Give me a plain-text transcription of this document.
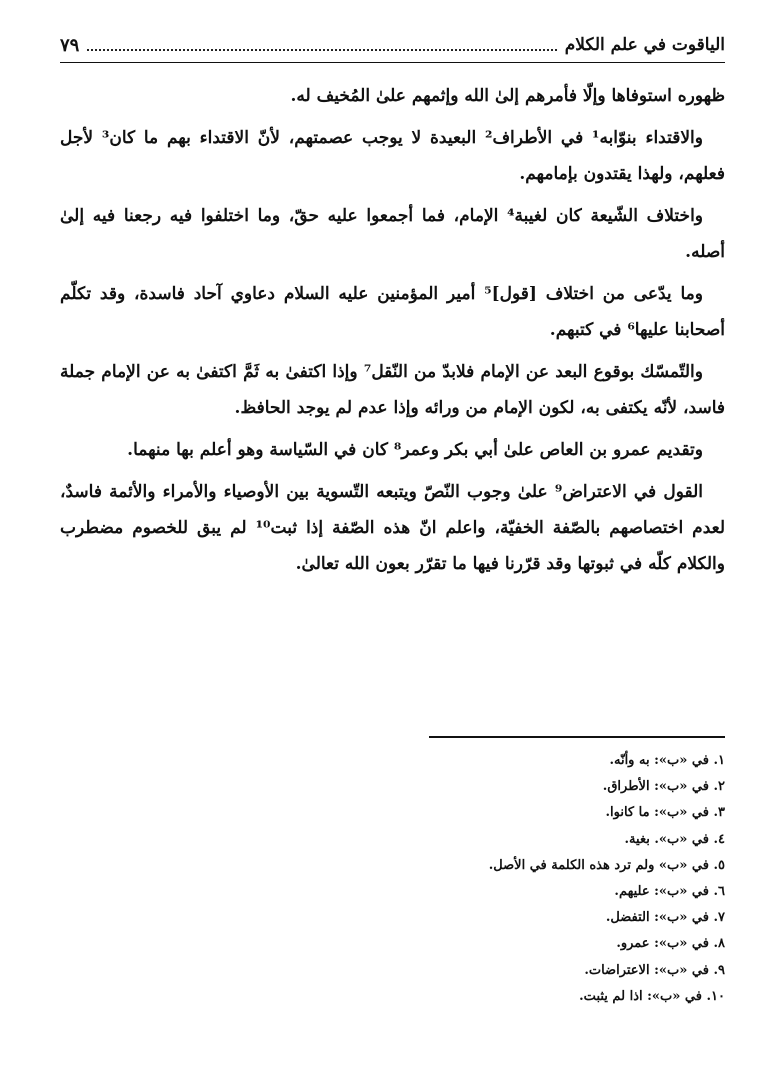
الياقوت في علم الكلام
٧٩

ظهوره استوفاها وإلّا فأمرهم إلىٰ الله وإثمهم علىٰ المُخيف له.

والاقتداء بنوّابه¹ في الأطراف² البعيدة لا يوجب عصمتهم، لأنّ الاقتداء بهم ما كان³ لأجل فعلهم، ولهذا يقتدون بإمامهم.

واختلاف الشّيعة كان لغيبة⁴ الإمام، فما أجمعوا عليه حقّ، وما اختلفوا فيه رجعنا فيه إلىٰ أصله.

وما يدّعى من اختلاف [قول]⁵ أمير المؤمنين عليه السلام دعاوي آحاد فاسدة، وقد تكلّم أصحابنا عليها⁶ في كتبهم.

والتّمسّك بوقوع البعد عن الإمام فلابدّ من النّقل⁷ وإذا اكتفىٰ به ثَمَّ اكتفىٰ به عن الإمام جملة فاسد، لأنّه يكتفى به، لكون الإمام من ورائه وإذا عدم لم يوجد الحافظ.

وتقديم عمرو بن العاص علىٰ أبي بكر وعمر⁸ كان في السّياسة وهو أعلم بها منهما.

القول في الاعتراض⁹ علىٰ وجوب النّصّ ويتبعه التّسوية بين الأوصياء والأمراء والأئمة فاسدٌ، لعدم اختصاصهم بالصّفة الخفيّة، واعلم انّ هذه الصّفة إذا ثبت¹⁰ لم يبق للخصوم مضطرب والكلام كلّه في ثبوتها وقد قرّرنا فيها ما تقرّر بعون الله تعالىٰ.

١. في «ب»: به وأنّه.
٢. في «ب»: الأطراق.
٣. في «ب»: ما كانوا.
٤. في «ب». بغية.
٥. في «ب» ولم ترد هذه الكلمة في الأصل.
٦. في «ب»: عليهم.
٧. في «ب»: التفضل.
٨. في «ب»: عمرو.
٩. في «ب»: الاعتراضات.
١٠. في «ب»: اذا لم يثبت.
